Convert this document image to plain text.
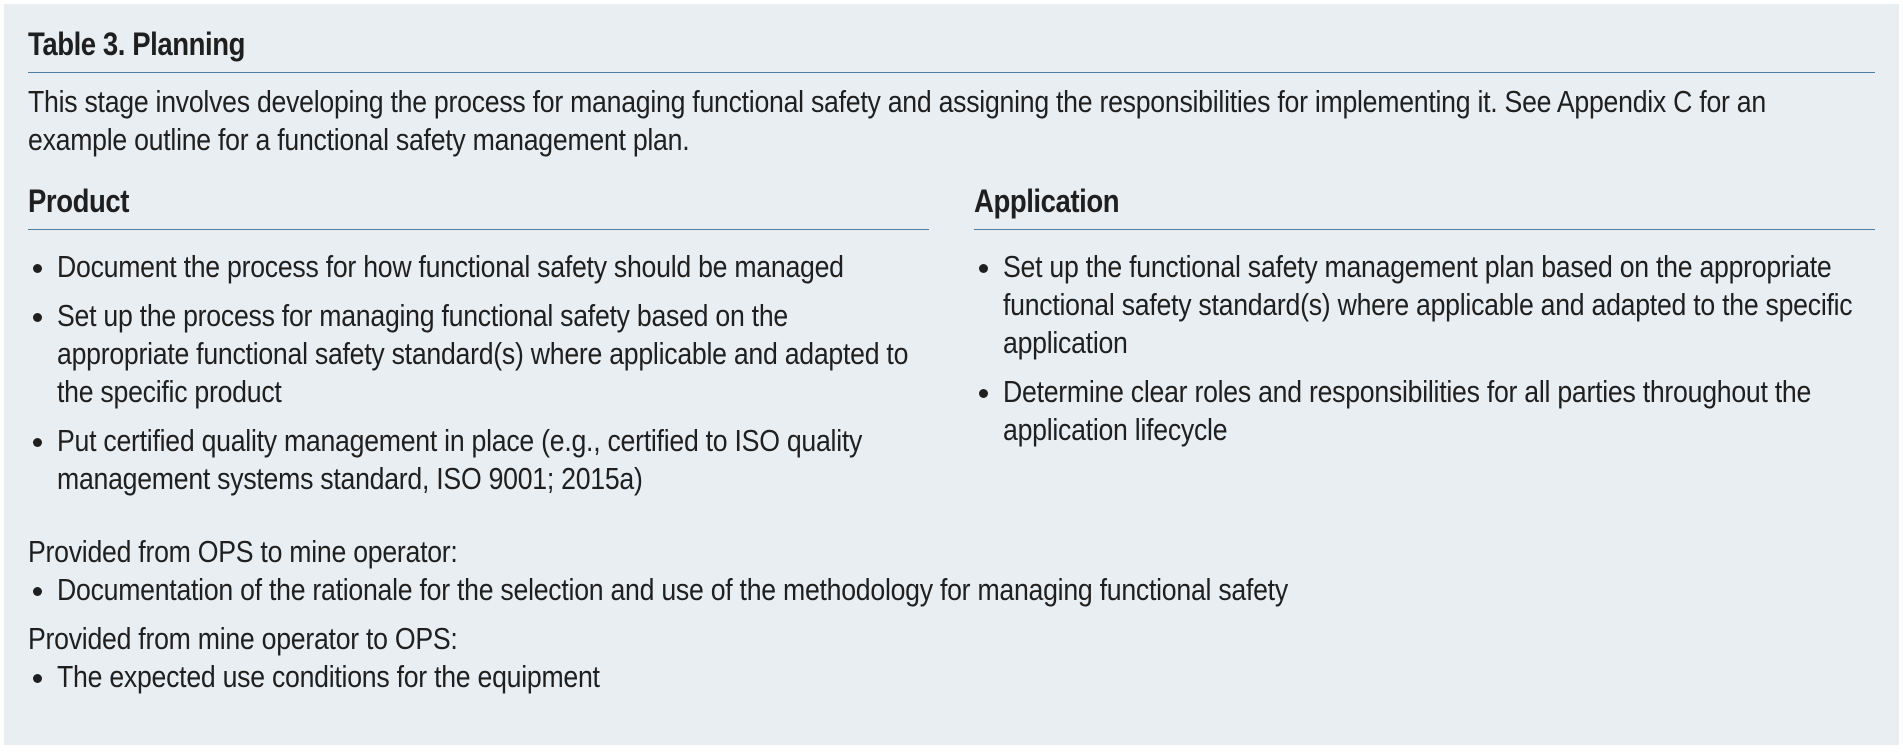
Table 3. Planning

This stage involves developing the process for managing functional safety and assigning the responsibilities for implementing it. See Appendix C for an example outline for a functional safety management plan.

Product
Document the process for how functional safety should be managed
Set up the process for managing functional safety based on the appropriate functional safety standard(s) where applicable and adapted to the specific product
Put certified quality management in place (e.g., certified to ISO quality management systems standard, ISO 9001; 2015a)
Application
Set up the functional safety management plan based on the appropriate functional safety standard(s) where applicable and adapted to the specific application
Determine clear roles and responsibilities for all parties throughout the application lifecycle

Provided from OPS to mine operator:

Documentation of the rationale for the selection and use of the methodology for managing functional safety

Provided from mine operator to OPS:

The expected use conditions for the equipment
